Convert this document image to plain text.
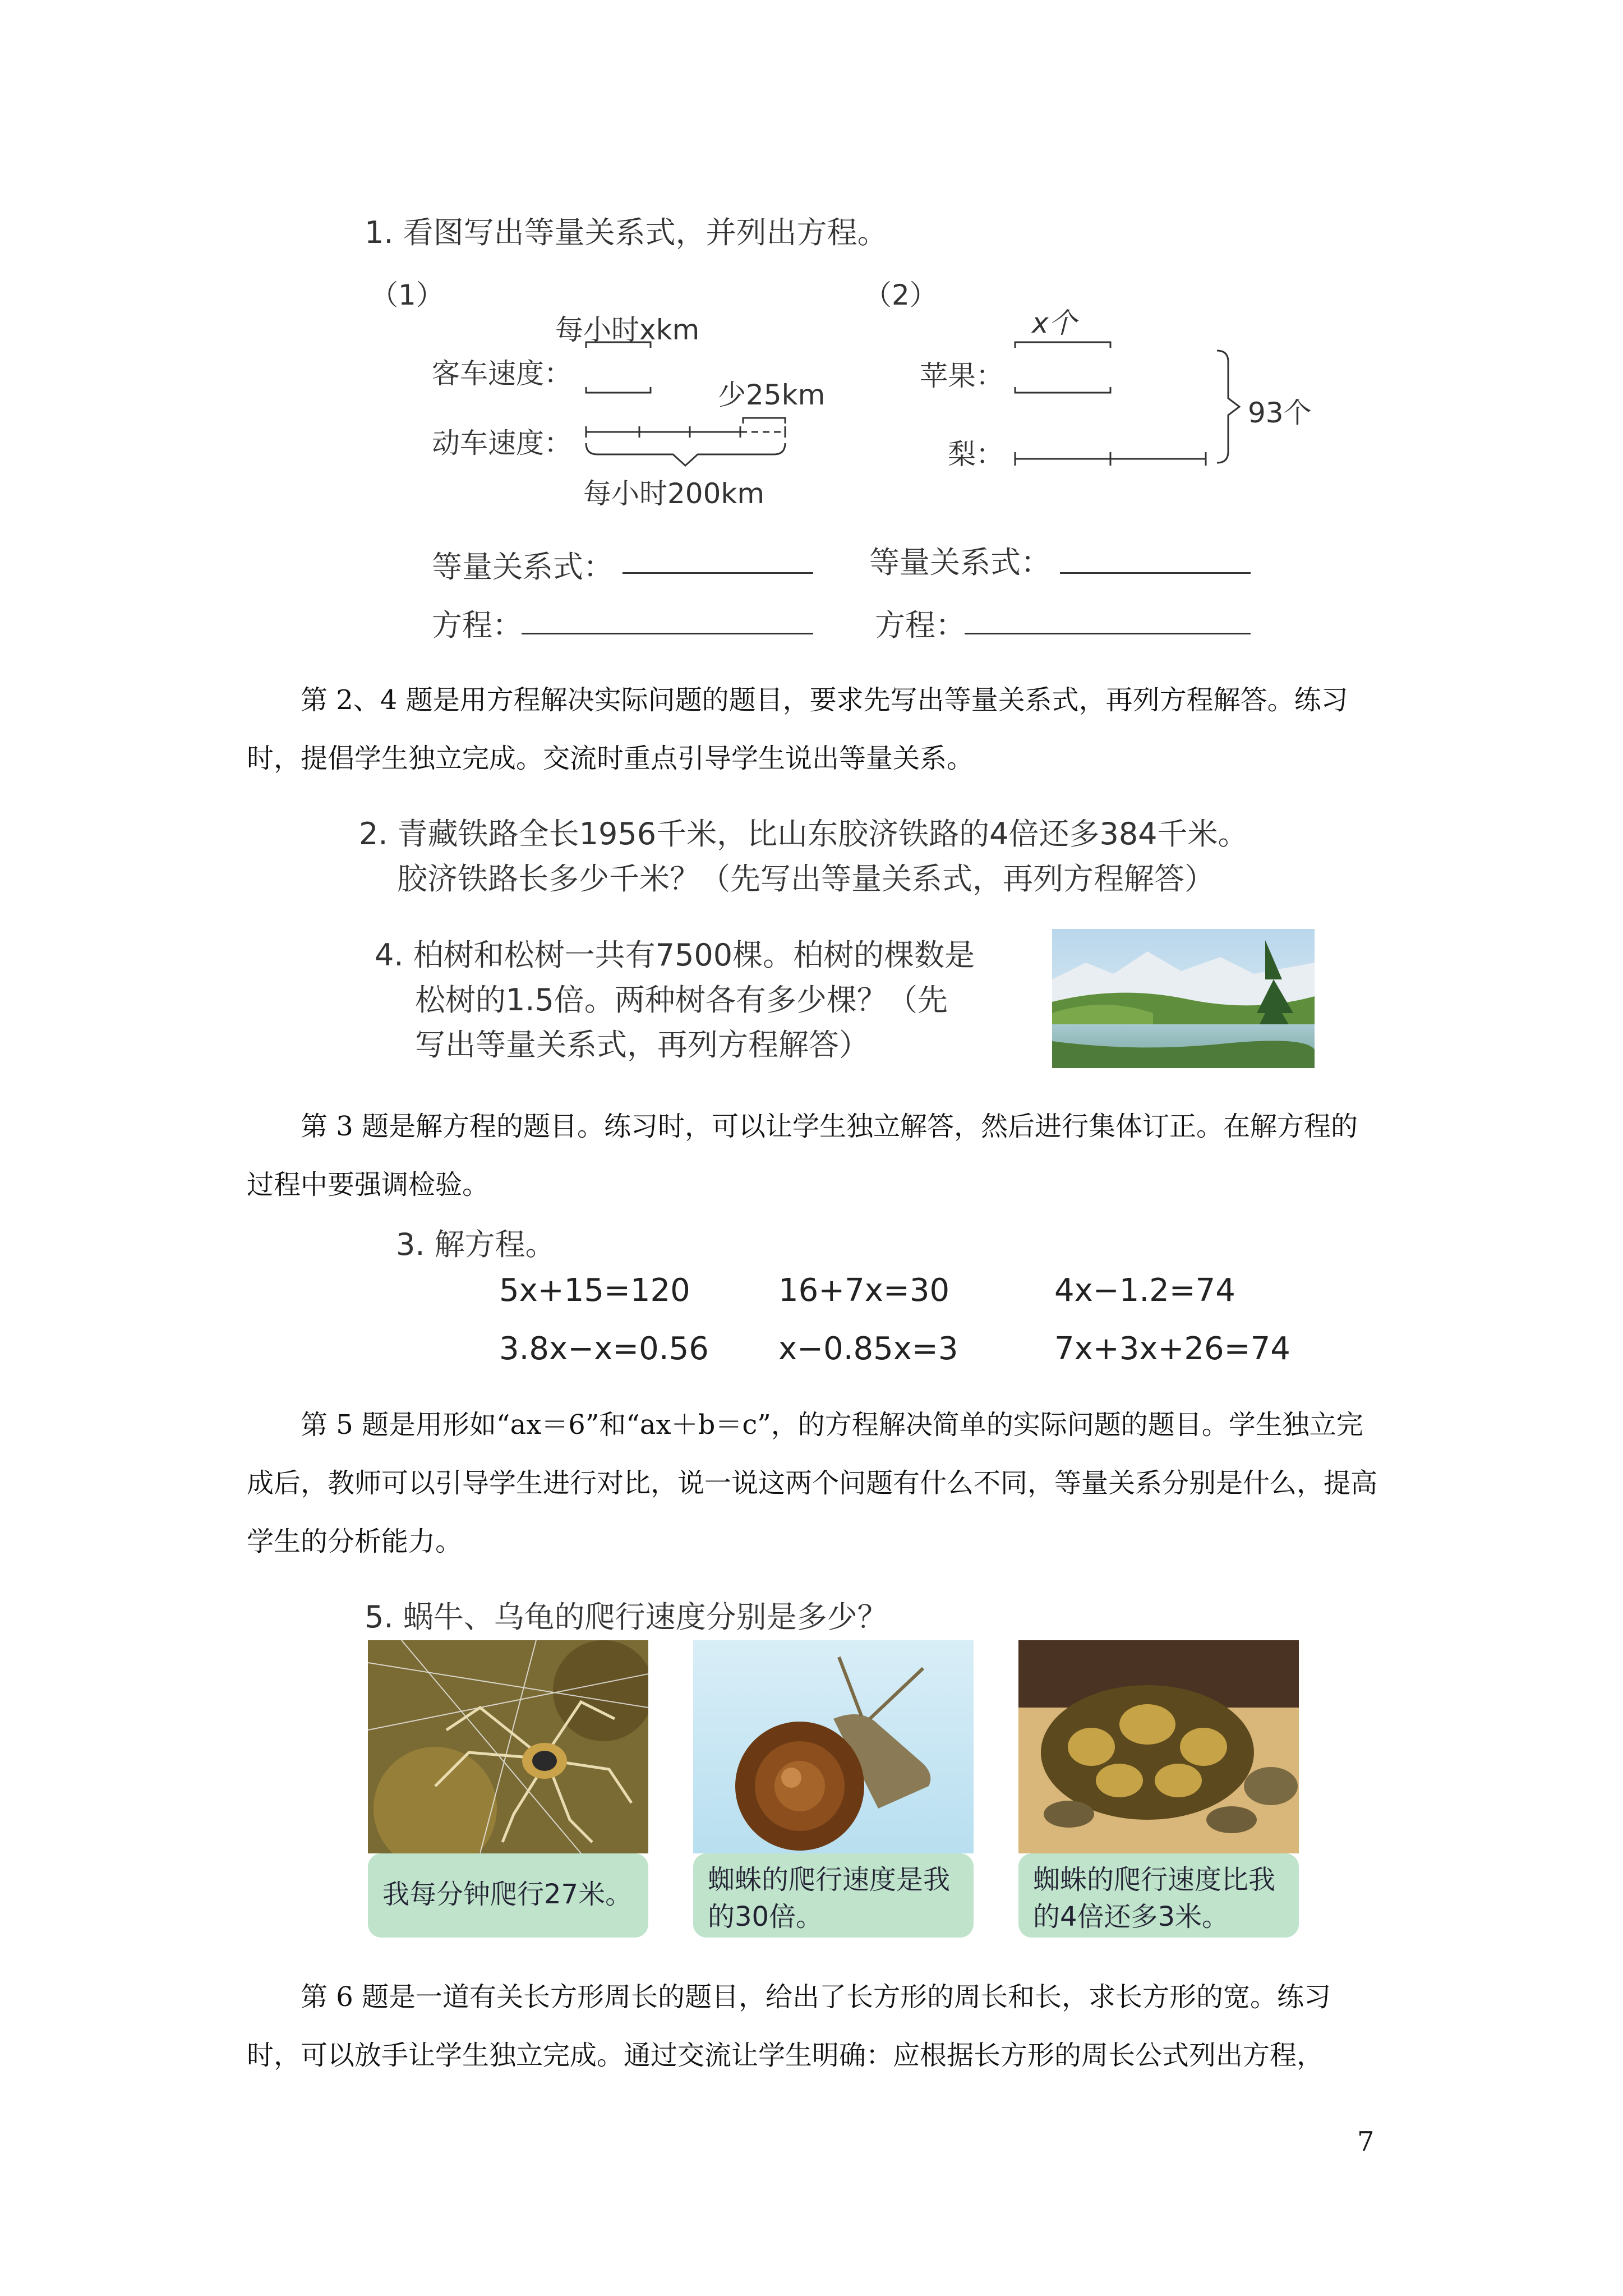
1. 看图写出等量关系式，并列出方程。
（1）	（2）
每小时xkm
客车速度：
动车速度：
少25km
每小时200km
x个
苹果：
梨：
93个
等量关系式：
方程：
等量关系式：
方程：
第 2、4 题是用方程解决实际问题的题目，要求先写出等量关系式，再列方程解答。练习时，提倡学生独立完成。交流时重点引导学生说出等量关系。
2. 青藏铁路全长1956千米，比山东胶济铁路的4倍还多384千米。
胶济铁路长多少千米？（先写出等量关系式，再列方程解答）
4. 柏树和松树一共有7500棵。柏树的棵数是
松树的1.5倍。两种树各有多少棵？（先
写出等量关系式，再列方程解答）
第 3 题是解方程的题目。练习时，可以让学生独立解答，然后进行集体订正。在解方程的过程中要强调检验。
3. 解方程。
5x+15=120	16+7x=30	4x−1.2=74
3.8x−x=0.56 x−0.85x=3	7x+3x+26=74
第 5 题是用形如“ax＝6”和“ax＋b＝c”，的方程解决简单的实际问题的题目。学生独立完成后，教师可以引导学生进行对比，说一说这两个问题有什么不同，等量关系分别是什么，提高学生的分析能力。
5. 蜗牛、乌龟的爬行速度分别是多少？
我每分钟爬行27米。	蜘蛛的爬行速度是我的30倍。
蜘蛛的爬行速度比我的4倍还多3米。
第 6 题是一道有关长方形周长的题目，给出了长方形的周长和长，求长方形的宽。练习时，可以放手让学生独立完成。通过交流让学生明确：应根据长方形的周长公式列出方程，
7
